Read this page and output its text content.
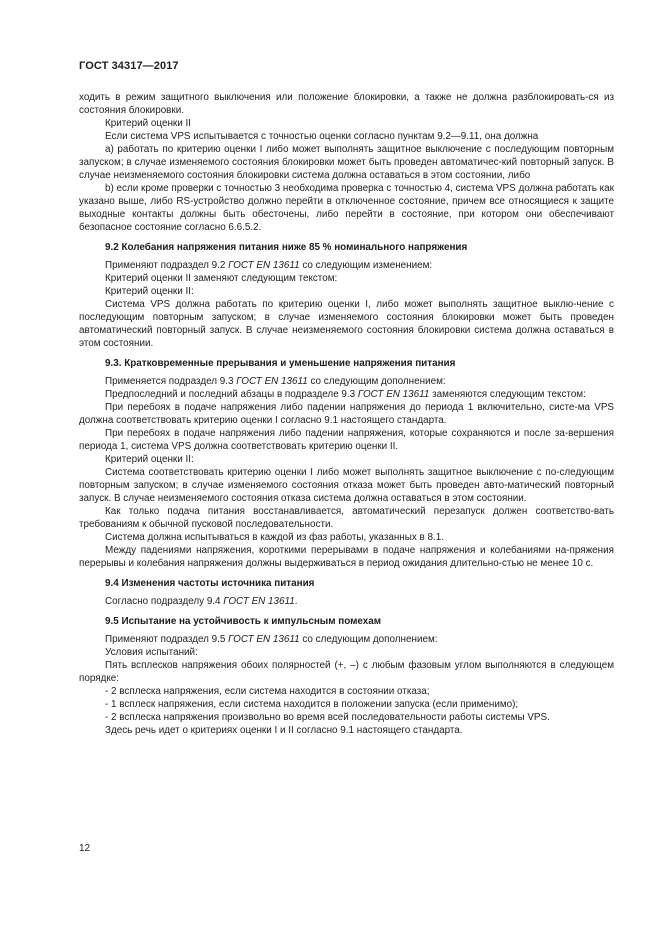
ГОСТ 34317—2017

ходить в режим защитного выключения или положение блокировки, а также не должна разблокировать-ся из состояния блокировки.

Критерий оценки II

Если система VPS испытывается с точностью оценки согласно пунктам 9.2—9.11, она должна

а) работать по критерию оценки I либо может выполнять защитное выключение с последующим повторным запуском; в случае изменяемого состояния блокировки может быть проведен автоматичес-кий повторный запуск. В случае неизменяемого состояния блокировки система должна оставаться в этом состоянии, либо

b) если кроме проверки с точностью 3 необходима проверка с точностью 4, система VPS должна работать как указано выше, либо RS-устройство должно перейти в отключенное состояние, причем все относящиеся к защите выходные контакты должны быть обесточены, либо перейти в состояние, при котором они обеспечивают безопасное состояние согласно 6.6.5.2.

9.2 Колебания напряжения питания ниже 85 % номинального напряжения

Применяют подраздел 9.2 ГОСТ EN 13611 со следующим изменением:

Критерий оценки II заменяют следующим текстом:

Критерий оценки II:

Система VPS должна работать по критерию оценки I, либо может выполнять защитное выклю-чение с последующим повторным запуском; в случае изменяемого состояния блокировки может быть проведен автоматический повторный запуск. В случае неизменяемого состояния блокировки система должна оставаться в этом состоянии.

9.3. Кратковременные прерывания и уменьшение напряжения питания

Применяется подраздел 9.3 ГОСТ EN 13611 со следующим дополнением:

Предпоследний и последний абзацы в подразделе 9.3 ГОСТ EN 13611 заменяются следующим текстом:

При перебоях в подаче напряжения либо падении напряжения до периода 1 включительно, систе-ма VPS должна соответствовать критерию оценки I согласно 9.1 настоящего стандарта.

При перебоях в подаче напряжения либо падении напряжения, которые сохраняются и после за-вершения периода 1, система VPS должна соответствовать критерию оценки II.

Критерий оценки II:

Система соответствовать критерию оценки I либо может выполнять защитное выключение с по-следующим повторным запуском; в случае изменяемого состояния отказа может быть проведен авто-матический повторный запуск. В случае неизменяемого состояния отказа система должна оставаться в этом состоянии.

Как только подача питания восстанавливается, автоматический перезапуск должен соответство-вать требованиям к обычной пусковой последовательности.

Система должна испытываться в каждой из фаз работы, указанных в 8.1.

Между падениями напряжения, короткими перерывами в подаче напряжения и колебаниями на-пряжения перерывы и колебания напряжения должны выдерживаться в период ожидания длительно-стью не менее 10 с.

9.4 Изменения частоты источника питания

Согласно подразделу 9.4 ГОСТ EN 13611.

9.5 Испытание на устойчивость к импульсным помехам

Применяют подраздел 9.5 ГОСТ EN 13611 со следующим дополнением:

Условия испытаний:

Пять всплесков напряжения обоих полярностей (+, –) с любым фазовым углом выполняются в следующем порядке:

- 2 всплеска напряжения, если система находится в состоянии отказа;

- 1 всплеск напряжения, если система находится в положении запуска (если применимо);

- 2 всплеска напряжения произвольно во время всей последовательности работы системы VPS.

Здесь речь идет о критериях оценки I и II согласно 9.1 настоящего стандарта.

12
